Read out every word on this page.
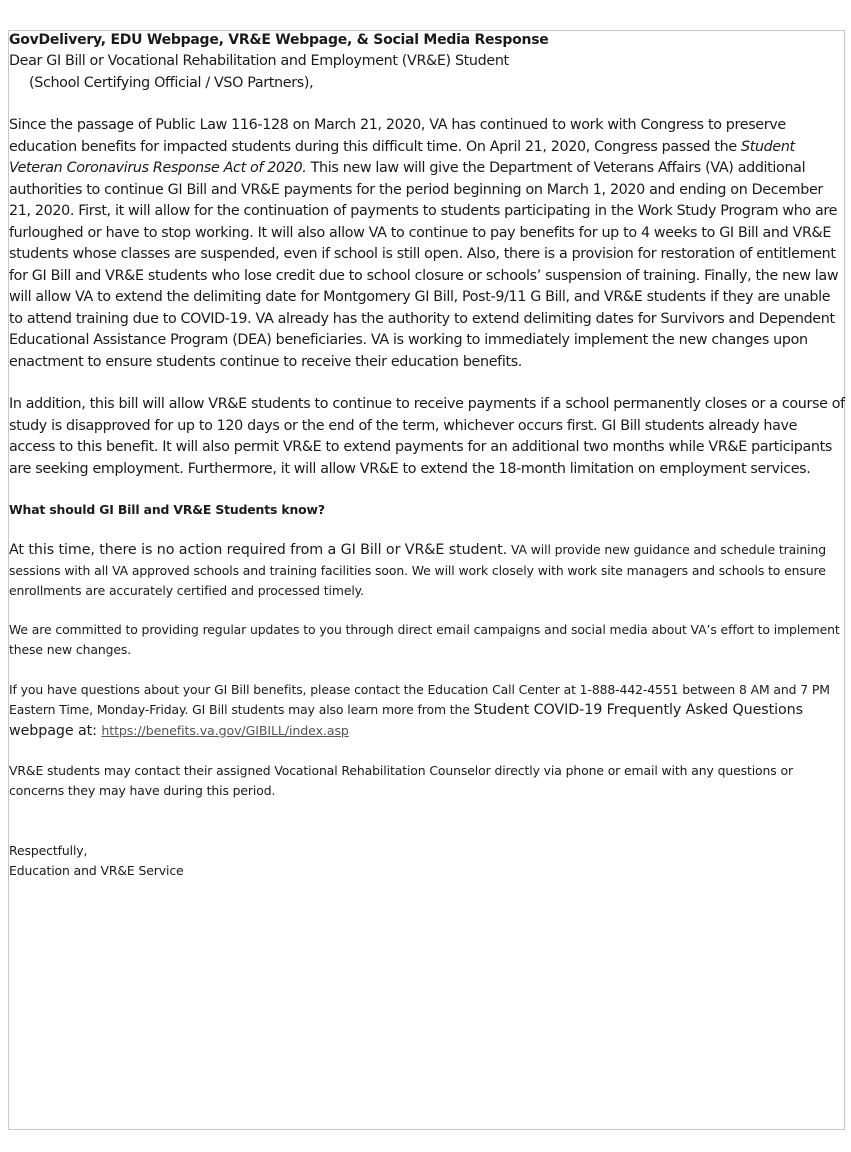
GovDelivery, EDU Webpage, VR&E Webpage, & Social Media Response
Dear GI Bill or Vocational Rehabilitation and Employment (VR&E) Student
(School Certifying Official / VSO Partners),

Since the passage of Public Law 116-128 on March 21, 2020, VA has continued to work with Congress to preserve education benefits for impacted students during this difficult time. On April 21, 2020, Congress passed the Student Veteran Coronavirus Response Act of 2020. This new law will give the Department of Veterans Affairs (VA) additional authorities to continue GI Bill and VR&E payments for the period beginning on March 1, 2020 and ending on December 21, 2020. First, it will allow for the continuation of payments to students participating in the Work Study Program who are furloughed or have to stop working. It will also allow VA to continue to pay benefits for up to 4 weeks to GI Bill and VR&E students whose classes are suspended, even if school is still open. Also, there is a provision for restoration of entitlement for GI Bill and VR&E students who lose credit due to school closure or schools’ suspension of training. Finally, the new law will allow VA to extend the delimiting date for Montgomery GI Bill, Post-9/11 G Bill, and VR&E students if they are unable to attend training due to COVID-19. VA already has the authority to extend delimiting dates for Survivors and Dependent Educational Assistance Program (DEA) beneficiaries. VA is working to immediately implement the new changes upon enactment to ensure students continue to receive their education benefits.

In addition, this bill will allow VR&E students to continue to receive payments if a school permanently closes or a course of study is disapproved for up to 120 days or the end of the term, whichever occurs first. GI Bill students already have access to this benefit. It will also permit VR&E to extend payments for an additional two months while VR&E participants are seeking employment. Furthermore, it will allow VR&E to extend the 18-month limitation on employment services.

What should GI Bill and VR&E Students know?

At this time, there is no action required from a GI Bill or VR&E student. VA will provide new guidance and schedule training sessions with all VA approved schools and training facilities soon. We will work closely with work site managers and schools to ensure enrollments are accurately certified and processed timely.

We are committed to providing regular updates to you through direct email campaigns and social media about VA’s effort to implement these new changes.

If you have questions about your GI Bill benefits, please contact the Education Call Center at 1-888-442-4551 between 8 AM and 7 PM Eastern Time, Monday-Friday. GI Bill students may also learn more from the Student COVID-19 Frequently Asked Questions webpage at: https://benefits.va.gov/GIBILL/index.asp

VR&E students may contact their assigned Vocational Rehabilitation Counselor directly via phone or email with any questions or concerns they may have during this period.

Respectfully,
Education and VR&E Service
